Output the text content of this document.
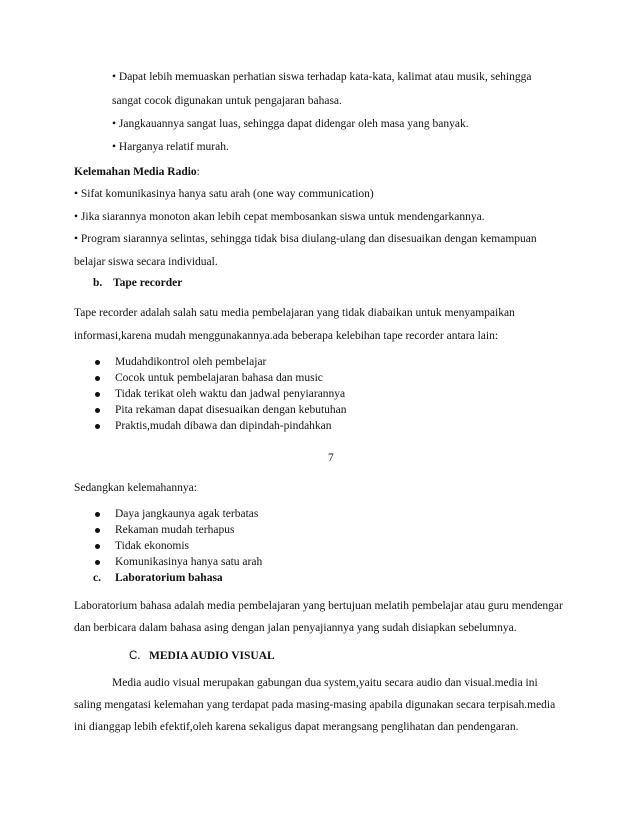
• Dapat lebih memuaskan perhatian siswa terhadap kata-kata, kalimat atau musik, sehingga
sangat cocok digunakan untuk pengajaran bahasa.
• Jangkauannya sangat luas, sehingga dapat didengar oleh masa yang banyak.
• Harganya relatif murah.
Kelemahan Media Radio:
• Sifat komunikasinya hanya satu arah (one way communication)
• Jika siarannya monoton akan lebih cepat membosankan siswa untuk mendengarkannya.
• Program siarannya selintas, sehingga tidak bisa diulang-ulang dan disesuaikan dengan kemampuan
belajar siswa secara individual.
b. Tape recorder
Tape recorder adalah salah satu media pembelajaran yang tidak diabaikan untuk menyampaikan
informasi,karena mudah menggunakannya.ada beberapa kelebihan tape recorder antara lain:
Mudahdikontrol oleh pembelajar
Cocok untuk pembelajaran bahasa dan music
Tidak terikat oleh waktu dan jadwal penyiarannya
Pita rekaman dapat disesuaikan dengan kebutuhan
Praktis,mudah dibawa dan dipindah-pindahkan
7
Sedangkan kelemahannya:
Daya jangkaunya agak terbatas
Rekaman mudah terhapus
Tidak ekonomis
Komunikasinya hanya satu arah
c. Laboratorium bahasa
Laboratorium bahasa adalah media pembelajaran yang bertujuan melatih pembelajar atau guru mendengar
dan berbicara dalam bahasa asing dengan jalan penyajiannya yang sudah disiapkan sebelumnya.
C. MEDIA AUDIO VISUAL
Media audio visual merupakan gabungan dua system,yaitu secara audio dan visual.media ini
saling mengatasi kelemahan yang terdapat pada masing-masing apabila digunakan secara terpisah.media
ini dianggap lebih efektif,oleh karena sekaligus dapat merangsang penglihatan dan pendengaran.
